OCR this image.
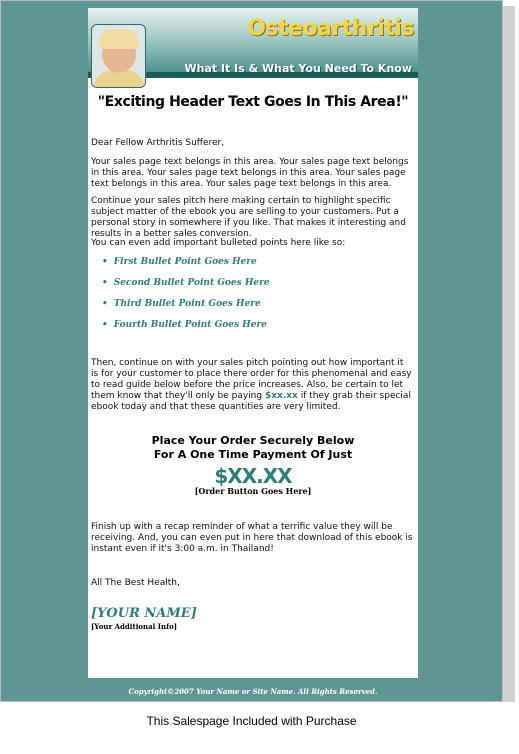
Osteoarthritis
What It Is & What You Need To Know
"Exciting Header Text Goes In This Area!"
Dear Fellow Arthritis Sufferer,
Your sales page text belongs in this area. Your sales page text belongs in this area. Your sales page text belongs in this area. Your sales page text belongs in this area. Your sales page text belongs in this area.
Continue your sales pitch here making certain to highlight specific subject matter of the ebook you are selling to your customers. Put a personal story in somewhere if you like. That makes it interesting and results in a better sales conversion.
You can even add important bulleted points here like so:
• First Bullet Point Goes Here
• Second Bullet Point Goes Here
• Third Bullet Point Goes Here
• Fourth Bullet Point Goes Here
Then, continue on with your sales pitch pointing out how important it is for your customer to place there order for this phenomenal and easy to read guide below before the price increases. Also, be certain to let them know that they'll only be paying $xx.xx if they grab their special ebook today and that these quantities are very limited.
Place Your Order Securely Below
For A One Time Payment Of Just
$XX.XX
[Order Button Goes Here]
Finish up with a recap reminder of what a terrific value they will be receiving. And, you can even put in here that download of this ebook is instant even if it's 3:00 a.m. in Thailand!
All The Best Health,
[YOUR NAME]
[Your Additional Info]
Copyright©2007 Your Name or Site Name. All Rights Reserved.
This Salespage Included with Purchase
